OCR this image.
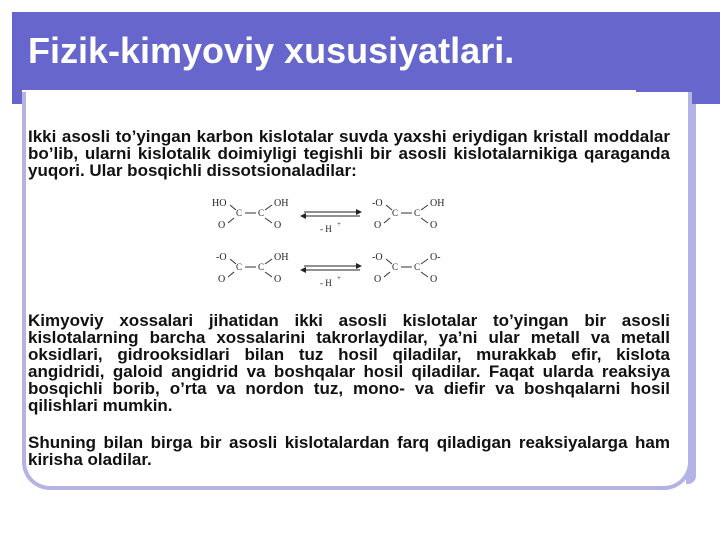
Fizik-kimyoviy xususiyatlari.
Ikki asosli to’yingan karbon kislotalar suvda yaxshi eriydigan kristall moddalar bo’lib, ularni kislotalik doimiyligi tegishli bir asosli kislotalarnikiga qaraganda yuqori. Ular bosqichli dissotsionaladilar:
HO
C
O
C
OH
O	- H +
-O
C
O
C
OH
O
-O
C
O
C
OH
O	- H +
-O
C
O
C
O-
O
Kimyoviy xossalari jihatidan ikki asosli kislotalar to’yingan bir asosli kislotalarning barcha xossalarini takrorlaydilar, ya’ni ular metall va metall oksidlari, gidrooksidlari bilan tuz hosil qiladilar, murakkab efir, kislota angidridi, galoid angidrid va boshqalar hosil qiladilar. Faqat ularda reaksiya bosqichli borib, o’rta va nordon tuz, mono- va diefir va boshqalarni hosil qilishlari mumkin.
Shuning bilan birga bir asosli kislotalardan farq qiladigan reaksiyalarga ham kirisha oladilar.
